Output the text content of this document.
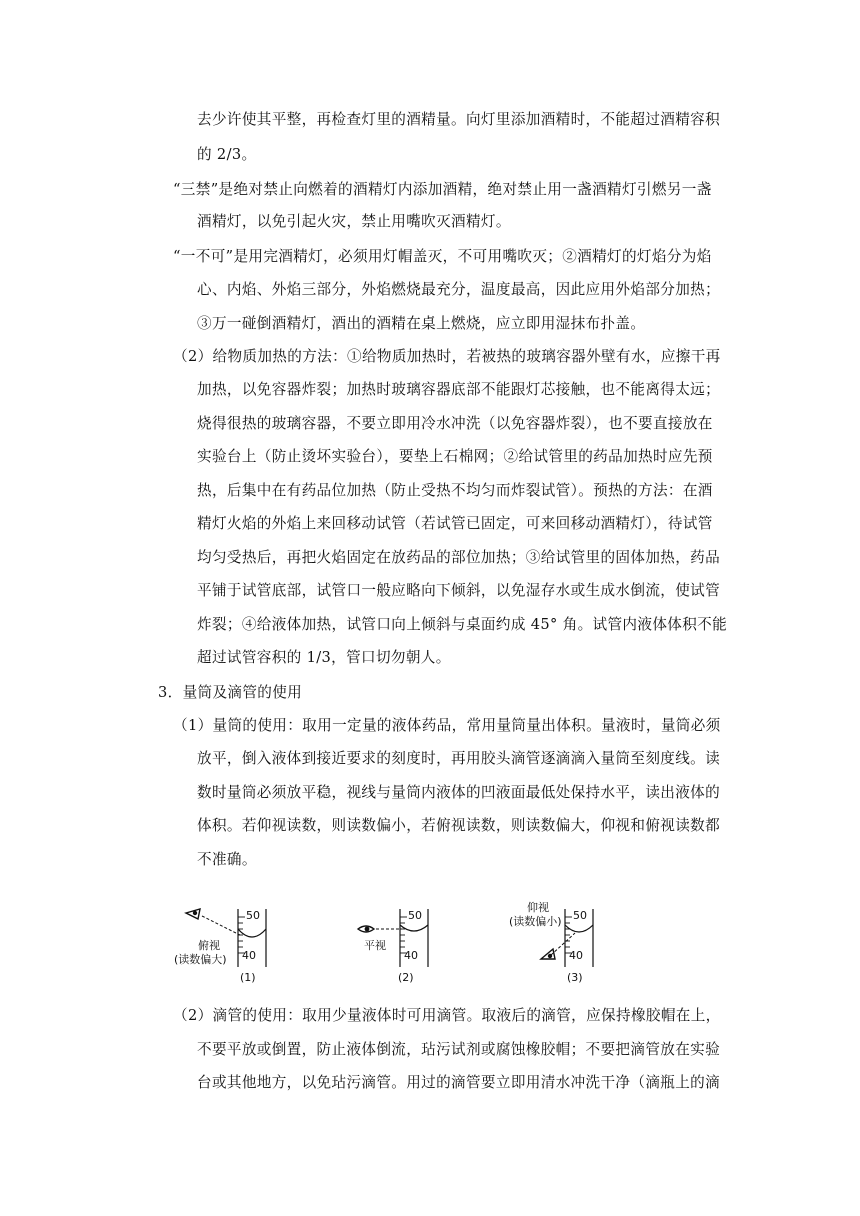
去少许使其平整，再检查灯里的酒精量。向灯里添加酒精时，不能超过酒精容积
的 2/3。
“三禁”是绝对禁止向燃着的酒精灯内添加酒精，绝对禁止用一盏酒精灯引燃另一盏
酒精灯，以免引起火灾，禁止用嘴吹灭酒精灯。
“一不可”是用完酒精灯，必须用灯帽盖灭，不可用嘴吹灭；②酒精灯的灯焰分为焰
心、内焰、外焰三部分，外焰燃烧最充分，温度最高，因此应用外焰部分加热；
③万一碰倒酒精灯，酒出的酒精在桌上燃烧，应立即用湿抹布扑盖。
（2）给物质加热的方法：①给物质加热时，若被热的玻璃容器外壁有水，应擦干再
加热，以免容器炸裂；加热时玻璃容器底部不能跟灯芯接触，也不能离得太远；
烧得很热的玻璃容器，不要立即用冷水冲洗（以免容器炸裂），也不要直接放在
实验台上（防止烫坏实验台），要垫上石棉网；②给试管里的药品加热时应先预
热，后集中在有药品位加热（防止受热不均匀而炸裂试管）。预热的方法：在酒
精灯火焰的外焰上来回移动试管（若试管已固定，可来回移动酒精灯），待试管
均匀受热后，再把火焰固定在放药品的部位加热；③给试管里的固体加热，药品
平铺于试管底部，试管口一般应略向下倾斜，以免湿存水或生成水倒流，使试管
炸裂；④给液体加热，试管口向上倾斜与桌面约成 45° 角。试管内液体体积不能
超过试管容积的 1/3，管口切勿朝人。
3．量筒及滴管的使用
（1）量筒的使用：取用一定量的液体药品，常用量筒量出体积。量液时，量筒必须
放平，倒入液体到接近要求的刻度时，再用胶头滴管逐滴滴入量筒至刻度线。读
数时量筒必须放平稳，视线与量筒内液体的凹液面最低处保持水平，读出液体的
体积。若仰视读数，则读数偏小，若俯视读数，则读数偏大，仰视和俯视读数都
不准确。
50
40
俯视
(读数偏大)
(1)
50
40
平视
(2)
仰视
(读数偏小) 50
40
(3)
（2）滴管的使用：取用少量液体时可用滴管。取液后的滴管，应保持橡胶帽在上，
不要平放或倒置，防止液体倒流，玷污试剂或腐蚀橡胶帽；不要把滴管放在实验
台或其他地方，以免玷污滴管。用过的滴管要立即用清水冲洗干净（滴瓶上的滴
